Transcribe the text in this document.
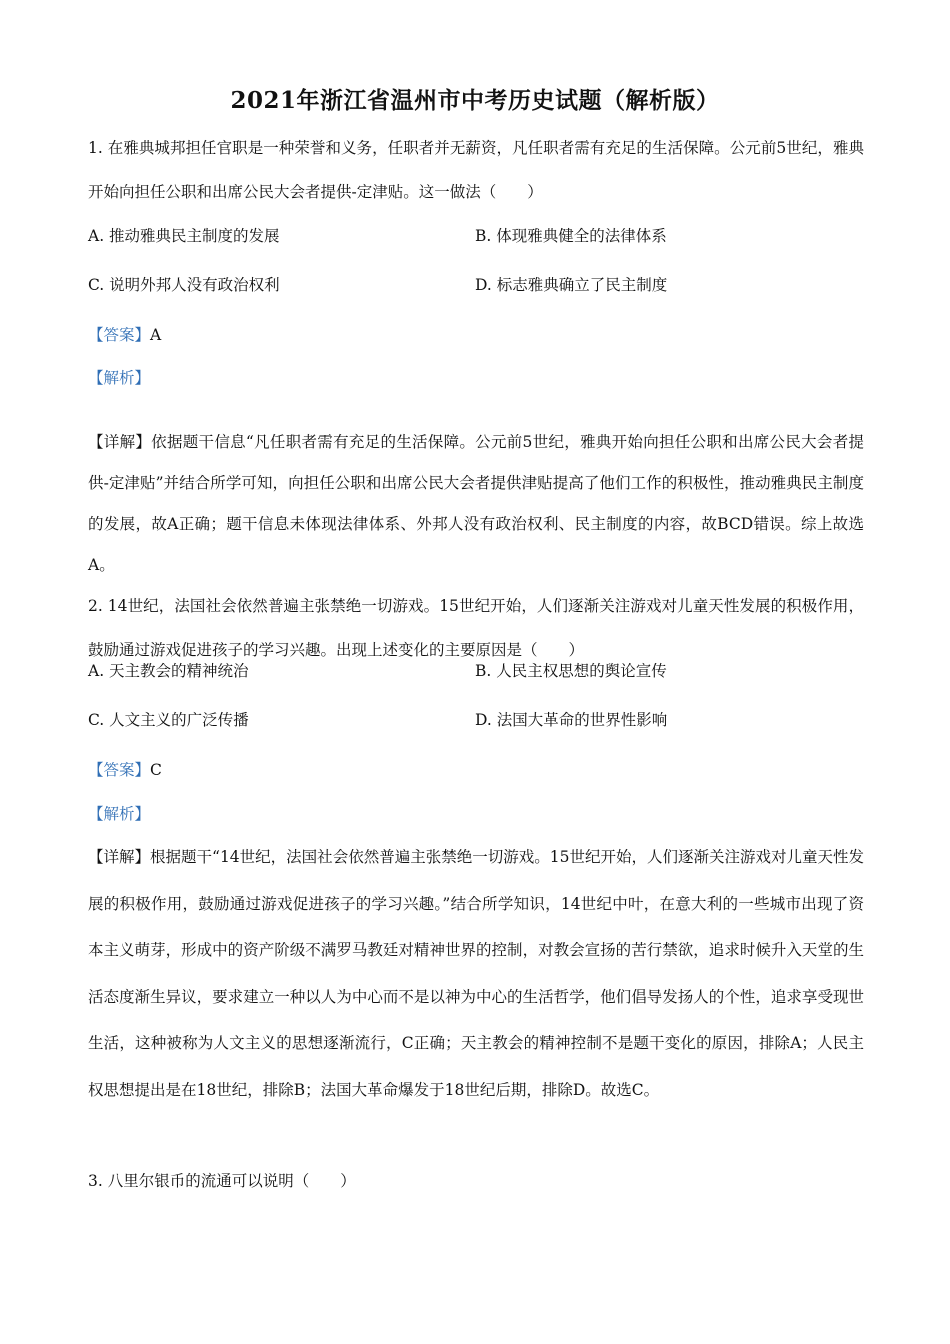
2021年浙江省温州市中考历史试题（解析版）
1. 在雅典城邦担任官职是一种荣誉和义务，任职者并无薪资，凡任职者需有充足的生活保障。公元前5世纪，雅典开始向担任公职和出席公民大会者提供-定津贴。这一做法（　　）
A. 推动雅典民主制度的发展	B. 体现雅典健全的法律体系
C. 说明外邦人没有政治权利	D. 标志雅典确立了民主制度
【答案】A
【解析】
【详解】依据题干信息“凡任职者需有充足的生活保障。公元前5世纪，雅典开始向担任公职和出席公民大会者提供-定津贴”并结合所学可知，向担任公职和出席公民大会者提供津贴提高了他们工作的积极性，推动雅典民主制度的发展，故A正确；题干信息未体现法律体系、外邦人没有政治权利、民主制度的内容，故BCD错误。综上故选A。
2. 14世纪，法国社会依然普遍主张禁绝一切游戏。15世纪开始，人们逐渐关注游戏对儿童天性发展的积极作用，鼓励通过游戏促进孩子的学习兴趣。出现上述变化的主要原因是（　　）
A. 天主教会的精神统治	B. 人民主权思想的舆论宣传
C. 人文主义的广泛传播	D. 法国大革命的世界性影响
【答案】C
【解析】
【详解】根据题干“14世纪，法国社会依然普遍主张禁绝一切游戏。15世纪开始，人们逐渐关注游戏对儿童天性发展的积极作用，鼓励通过游戏促进孩子的学习兴趣。”结合所学知识，14世纪中叶，在意大利的一些城市出现了资本主义萌芽，形成中的资产阶级不满罗马教廷对精神世界的控制，对教会宣扬的苦行禁欲，追求时候升入天堂的生活态度渐生异议，要求建立一种以人为中心而不是以神为中心的生活哲学，他们倡导发扬人的个性，追求享受现世生活，这种被称为人文主义的思想逐渐流行，C正确；天主教会的精神控制不是题干变化的原因，排除A；人民主权思想提出是在18世纪，排除B；法国大革命爆发于18世纪后期，排除D。故选C。
3. 八里尔银币的流通可以说明（　　）
